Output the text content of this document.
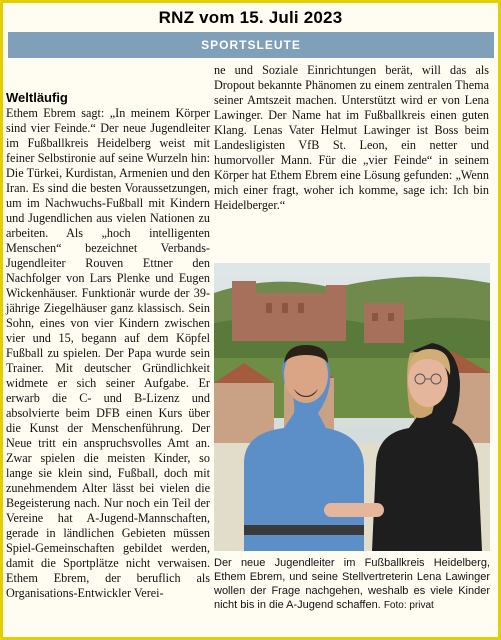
RNZ vom 15. Juli 2023
SPORTSLEUTE
Weltläufig
Ethem Ebrem sagt: „In meinem Körper sind vier Feinde.“ Der neue Jugendleiter im Fußballkreis Heidelberg weist mit feiner Selbstironie auf seine Wurzeln hin: Die Türkei, Kurdistan, Armenien und den Iran. Es sind die besten Voraussetzungen, um im Nachwuchs-Fußball mit Kindern und Jugendlichen aus vielen Nationen zu arbeiten. Als „hoch intelligenten Menschen“ bezeichnet Verbands-Jugendleiter Rouven Ettner den Nachfolger von Lars Plenke und Eugen Wickenhäuser. Funktionär wurde der 39-jährige Ziegelhäuser ganz klassisch. Sein Sohn, eines von vier Kindern zwischen vier und 15, begann auf dem Köpfel Fußball zu spielen. Der Papa wurde sein Trainer. Mit deutscher Gründlichkeit widmete er sich seiner Aufgabe. Er erwarb die C- und B-Lizenz und absolvierte beim DFB einen Kurs über die Kunst der Menschenführung. Der Neue tritt ein anspruchsvolles Amt an. Zwar spielen die meisten Kinder, so lange sie klein sind, Fußball, doch mit zunehmendem Alter lässt bei vielen die Begeisterung nach. Nur noch ein Teil der Vereine hat A-Jugend-Mannschaften, gerade in ländlichen Gebieten müssen Spiel-Gemeinschaften gebildet werden, damit die Sportplätze nicht verwaisen. Ethem Ebrem, der beruflich als Organisations-Entwickler Verei-
ne und Soziale Einrichtungen berät, will das als Dropout bekannte Phänomen zu einem zentralen Thema seiner Amtszeit machen. Unterstützt wird er von Lena Lawinger. Der Name hat im Fußballkreis einen guten Klang. Lenas Vater Helmut Lawinger ist Boss beim Landesligisten VfB St. Leon, ein netter und humorvoller Mann. Für die „vier Feinde“ in seinem Körper hat Ethem Ebrem eine Lösung gefunden: „Wenn mich einer fragt, woher ich komme, sage ich: Ich bin Heidelberger.“
Der neue Jugendleiter im Fußballkreis Heidelberg, Ethem Ebrem, und seine Stellvertreterin Lena Lawinger wollen der Frage nachgehen, weshalb es viele Kinder nicht bis in die A-Jugend schaffen. Foto: privat
